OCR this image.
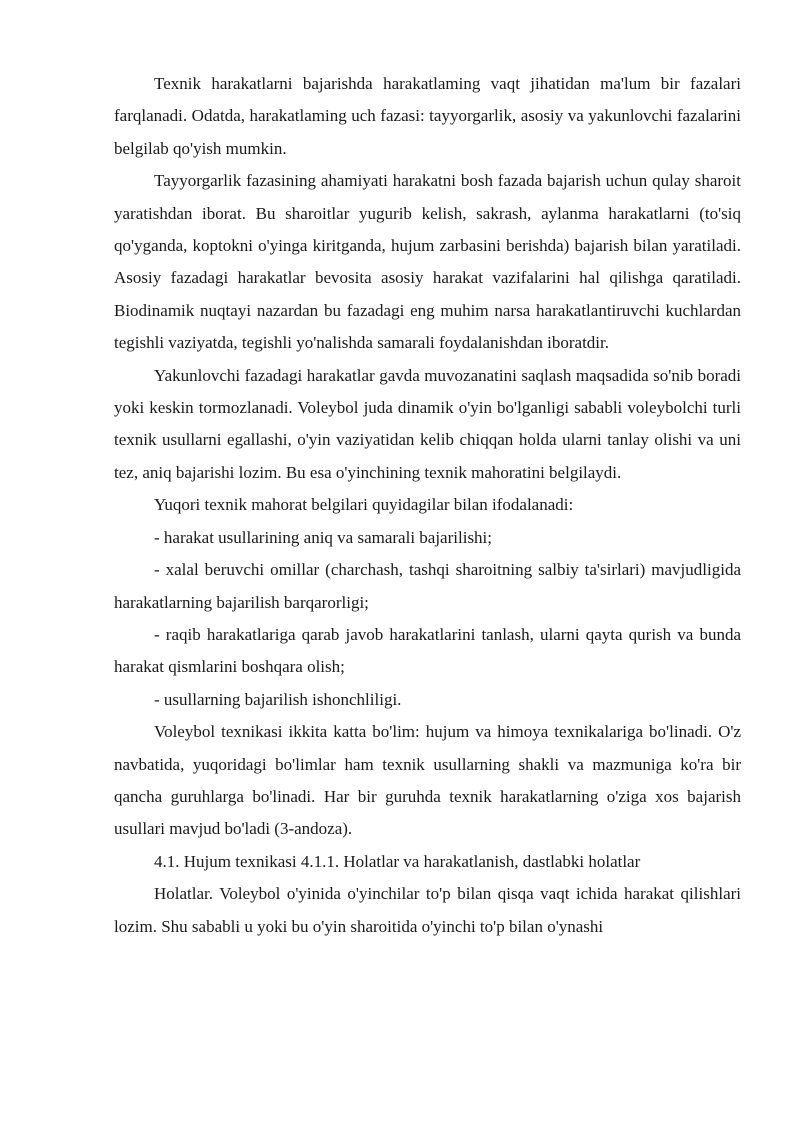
Texnik harakatlarni bajarishda harakatlaming vaqt jihatidan ma'lum bir fazalari farqlanadi. Odatda, harakatlaming uch fazasi: tayyorgarlik, asosiy va yakunlovchi fazalarini belgilab qo'yish mumkin.

Tayyorgarlik fazasining ahamiyati harakatni bosh fazada bajarish uchun qulay sharoit yaratishdan iborat. Bu sharoitlar yugurib kelish, sakrash, aylanma harakatlarni (to'siq qo'yganda, koptokni o'yinga kiritganda, hujum zarbasini berishda) bajarish bilan yaratiladi. Asosiy fazadagi harakatlar bevosita asosiy harakat vazifalarini hal qilishga qaratiladi. Biodinamik nuqtayi nazardan bu fazadagi eng muhim narsa harakatlantiruvchi kuchlardan tegishli vaziyatda, tegishli yo'nalishda samarali foydalanishdan iboratdir.

Yakunlovchi fazadagi harakatlar gavda muvozanatini saqlash maqsadida so'nib boradi yoki keskin tormozlanadi. Voleybol juda dinamik o'yin bo'lganligi sababli voleybolchi turli texnik usullarni egallashi, o'yin vaziyatidan kelib chiqqan holda ularni tanlay olishi va uni tez, aniq bajarishi lozim. Bu esa o'yinchining texnik mahoratini belgilaydi.

Yuqori texnik mahorat belgilari quyidagilar bilan ifodalanadi:

- harakat usullarining aniq va samarali bajarilishi;

- xalal beruvchi omillar (charchash, tashqi sharoitning salbiy ta'sirlari) mavjudligida harakatlarning bajarilish barqarorligi;

- raqib harakatlariga qarab javob harakatlarini tanlash, ularni qayta qurish va bunda harakat qismlarini boshqara olish;

- usullarning bajarilish ishonchliligi.

Voleybol texnikasi ikkita katta bo'lim: hujum va himoya texnikalariga bo'linadi. O'z navbatida, yuqoridagi bo'limlar ham texnik usullarning shakli va mazmuniga ko'ra bir qancha guruhlarga bo'linadi. Har bir guruhda texnik harakatlarning o'ziga xos bajarish usullari mavjud bo'ladi (3-andoza).

4.1. Hujum texnikasi 4.1.1. Holatlar va harakatlanish, dastlabki holatlar

Holatlar. Voleybol o'yinida o'yinchilar to'p bilan qisqa vaqt ichida harakat qilishlari lozim. Shu sababli u yoki bu o'yin sharoitida o'yinchi to'p bilan o'ynashi
